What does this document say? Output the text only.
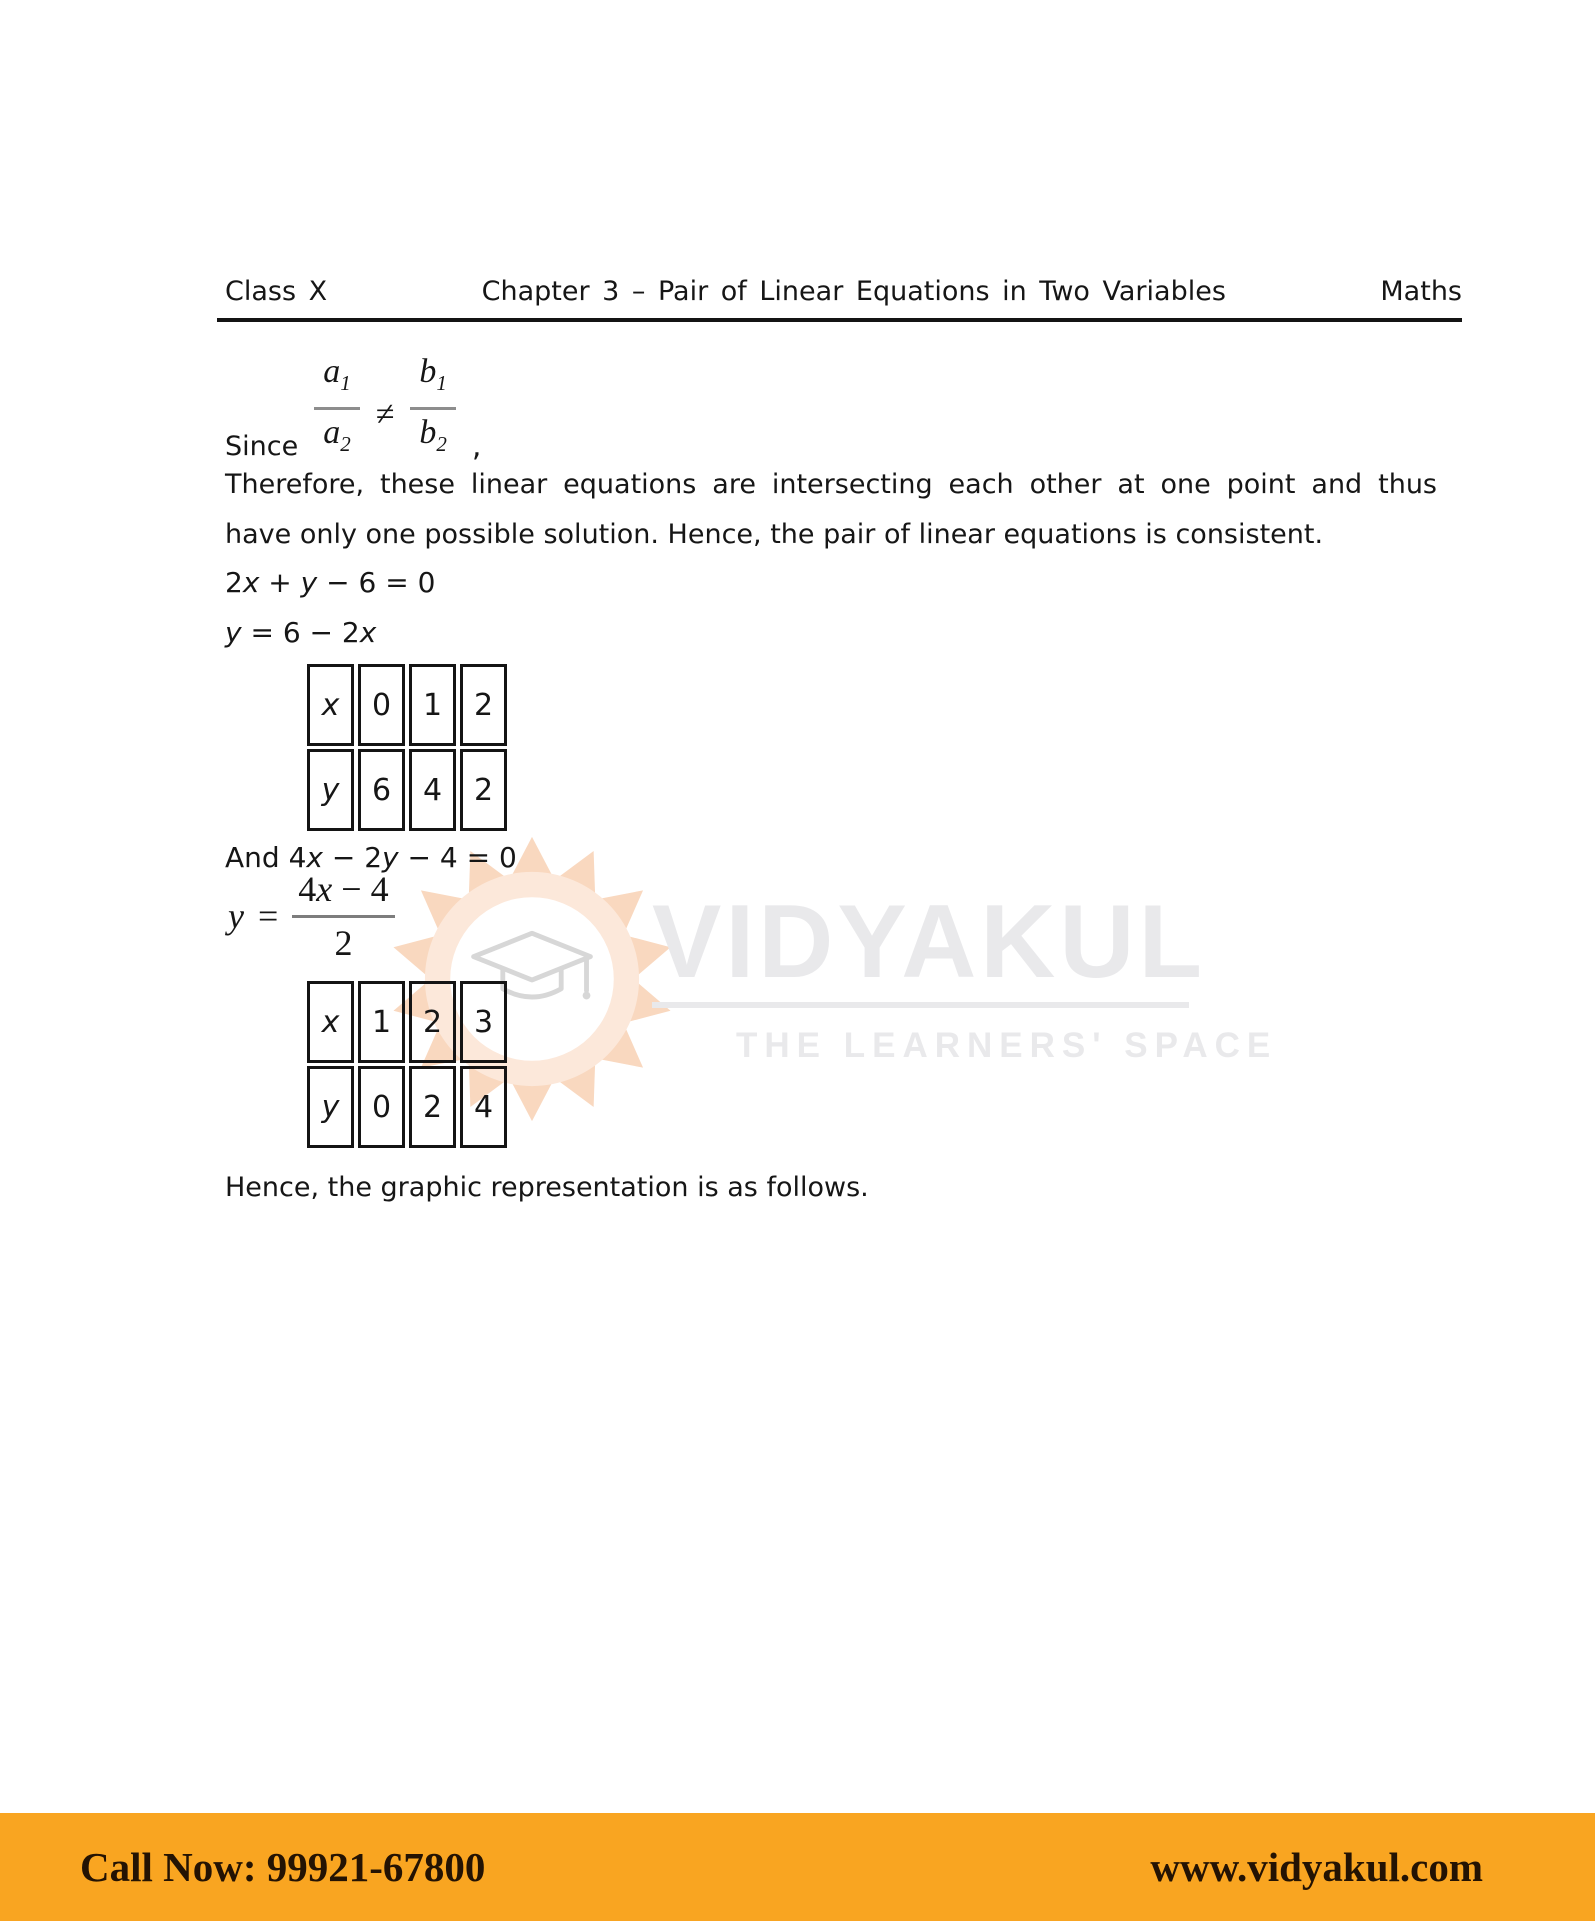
VIDYAKUL
THE LEARNERS' SPACE
Class X	Chapter 3 – Pair of Linear Equations in Two Variables	Maths
Since $\frac{a_1}{a_2} \ne \frac{b_1}{b_2}$ ,
Therefore, these linear equations are intersecting each other at one point and thus
have only one possible solution. Hence, the pair of linear equations is consistent.
2x + y − 6 = 0
y = 6 − 2x
x	0	1	2
y	6	4	2
And 4x − 2y − 4 = 0
$y = \frac{4x - 4}{2}$
x	1	2	3
y	0	2	4
Hence, the graphic representation is as follows.
Call Now: 99921-67800	www.vidyakul.com
